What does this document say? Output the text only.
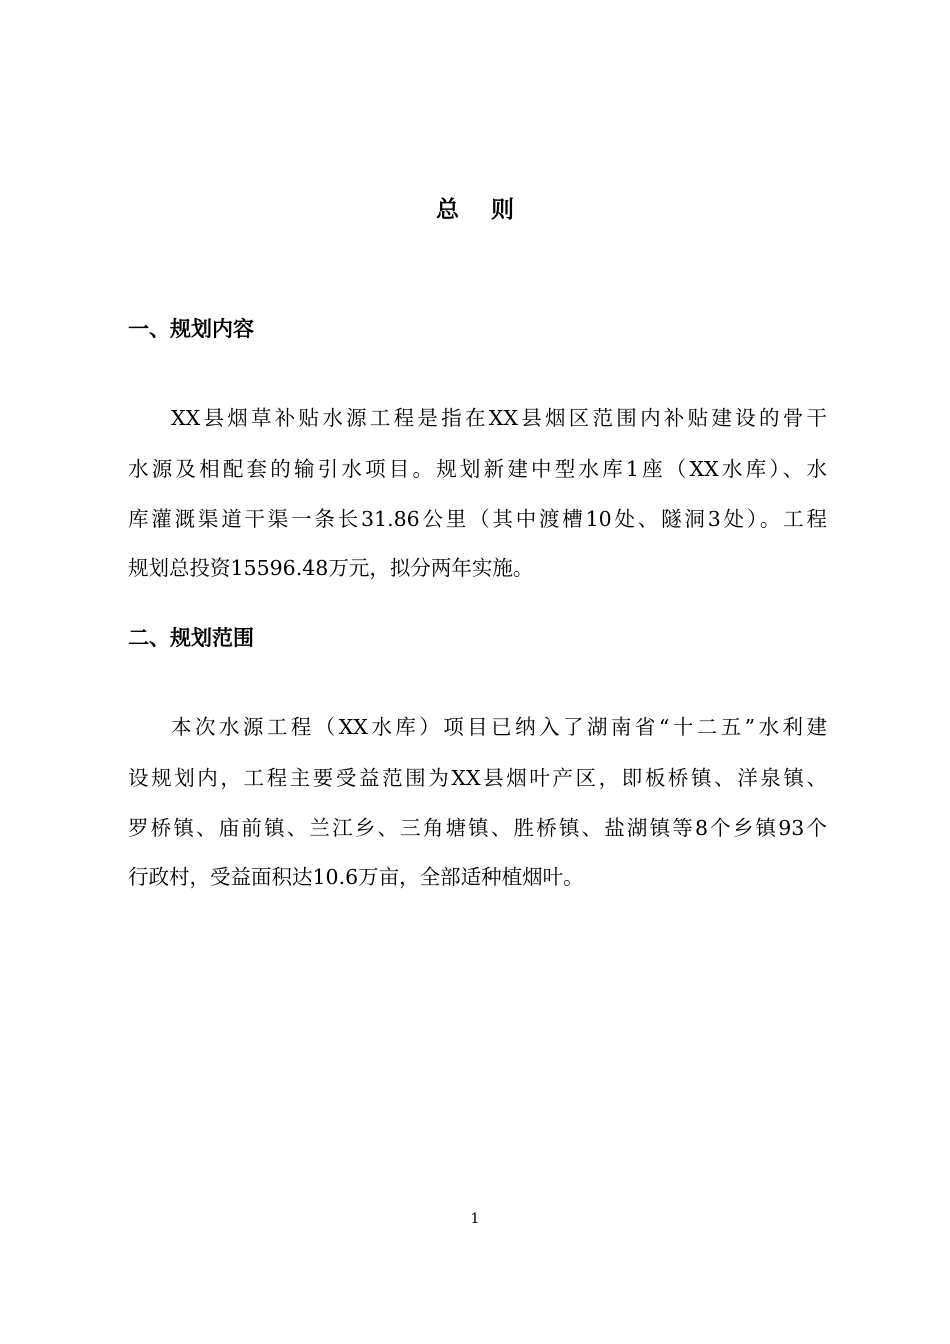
总    则
一、规划内容
XX县烟草补贴水源工程是指在XX县烟区范围内补贴建设的骨干
水源及相配套的输引水项目。规划新建中型水库1座（XX水库）、水
库灌溉渠道干渠一条长31.86公里（其中渡槽10处、隧洞3处）。工程
规划总投资15596.48万元，拟分两年实施。
二、规划范围
本次水源工程（XX水库）项目已纳入了湖南省“十二五”水利建
设规划内，工程主要受益范围为XX县烟叶产区，即板桥镇、洋泉镇、
罗桥镇、庙前镇、兰江乡、三角塘镇、胜桥镇、盐湖镇等8个乡镇93个
行政村，受益面积达10.6万亩，全部适种植烟叶。
1
